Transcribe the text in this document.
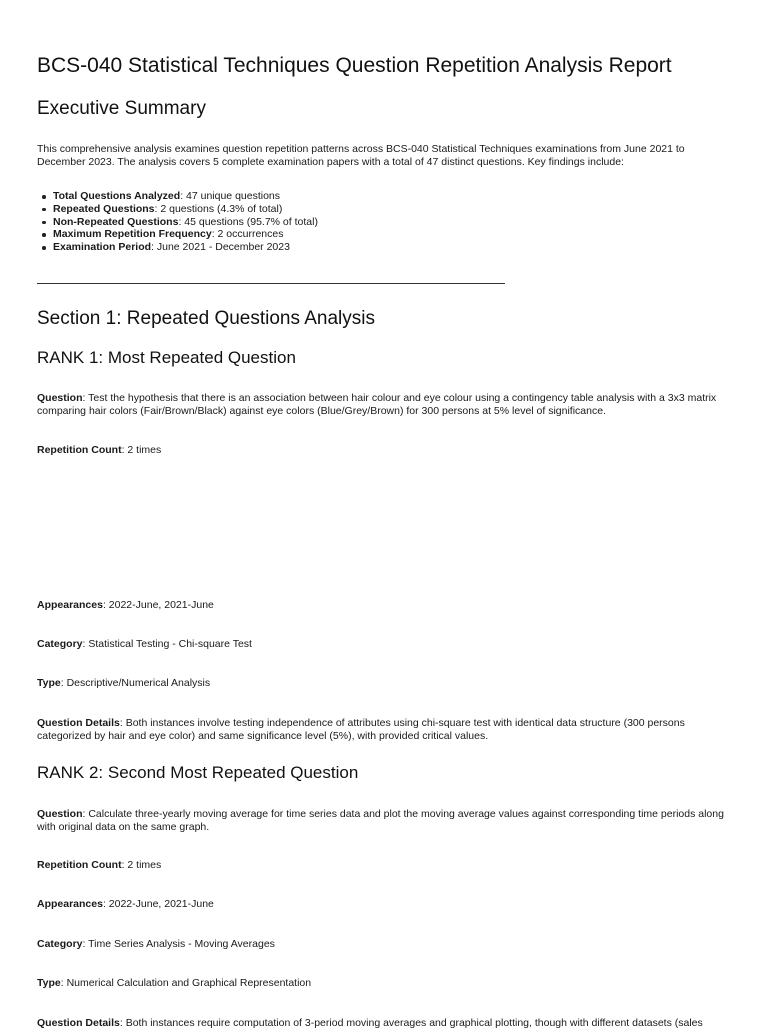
BCS-040 Statistical Techniques Question Repetition Analysis Report
Executive Summary

This comprehensive analysis examines question repetition patterns across BCS-040 Statistical Techniques examinations from June 2021 to December 2023. The analysis covers 5 complete examination papers with a total of 47 distinct questions. Key findings include:

Total Questions Analyzed: 47 unique questions
Repeated Questions: 2 questions (4.3% of total)
Non-Repeated Questions: 45 questions (95.7% of total)
Maximum Repetition Frequency: 2 occurrences
Examination Period: June 2021 - December 2023
Section 1: Repeated Questions Analysis
RANK 1: Most Repeated Question

Question: Test the hypothesis that there is an association between hair colour and eye colour using a contingency table analysis with a 3x3 matrix comparing hair colors (Fair/Brown/Black) against eye colors (Blue/Grey/Brown) for 300 persons at 5% level of significance.

Repetition Count: 2 times

Appearances: 2022-June, 2021-June

Category: Statistical Testing - Chi-square Test

Type: Descriptive/Numerical Analysis

Question Details: Both instances involve testing independence of attributes using chi-square test with identical data structure (300 persons categorized by hair and eye color) and same significance level (5%), with provided critical values.

RANK 2: Second Most Repeated Question

Question: Calculate three-yearly moving average for time series data and plot the moving average values against corresponding time periods along with original data on the same graph.

Repetition Count: 2 times

Appearances: 2022-June, 2021-June

Category: Time Series Analysis - Moving Averages

Type: Numerical Calculation and Graphical Representation

Question Details: Both instances require computation of 3-period moving averages and graphical plotting, though with different datasets (sales
